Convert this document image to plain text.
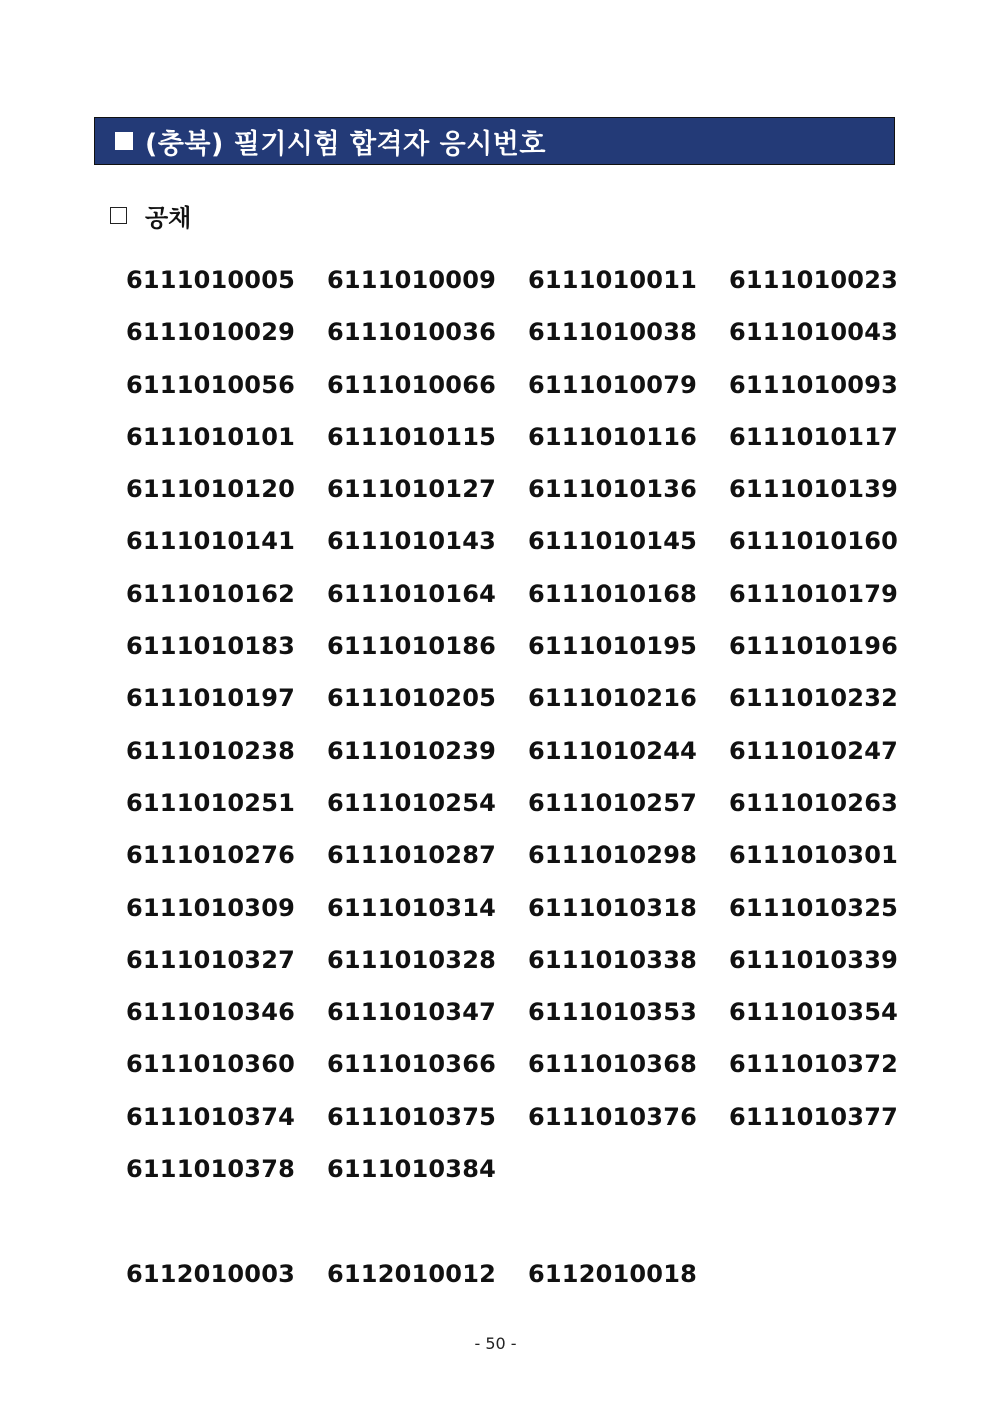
(충북) 필기시험 합격자 응시번호
공채
6111010005	6111010009	6111010011	6111010023
6111010029	6111010036	6111010038	6111010043
6111010056	6111010066	6111010079	6111010093
6111010101	6111010115	6111010116	6111010117
6111010120	6111010127	6111010136	6111010139
6111010141	6111010143	6111010145	6111010160
6111010162	6111010164	6111010168	6111010179
6111010183	6111010186	6111010195	6111010196
6111010197	6111010205	6111010216	6111010232
6111010238	6111010239	6111010244	6111010247
6111010251	6111010254	6111010257	6111010263
6111010276	6111010287	6111010298	6111010301
6111010309	6111010314	6111010318	6111010325
6111010327	6111010328	6111010338	6111010339
6111010346	6111010347	6111010353	6111010354
6111010360	6111010366	6111010368	6111010372
6111010374	6111010375	6111010376	6111010377
6111010378	6111010384
6112010003	6112010012	6112010018
- 50 -
